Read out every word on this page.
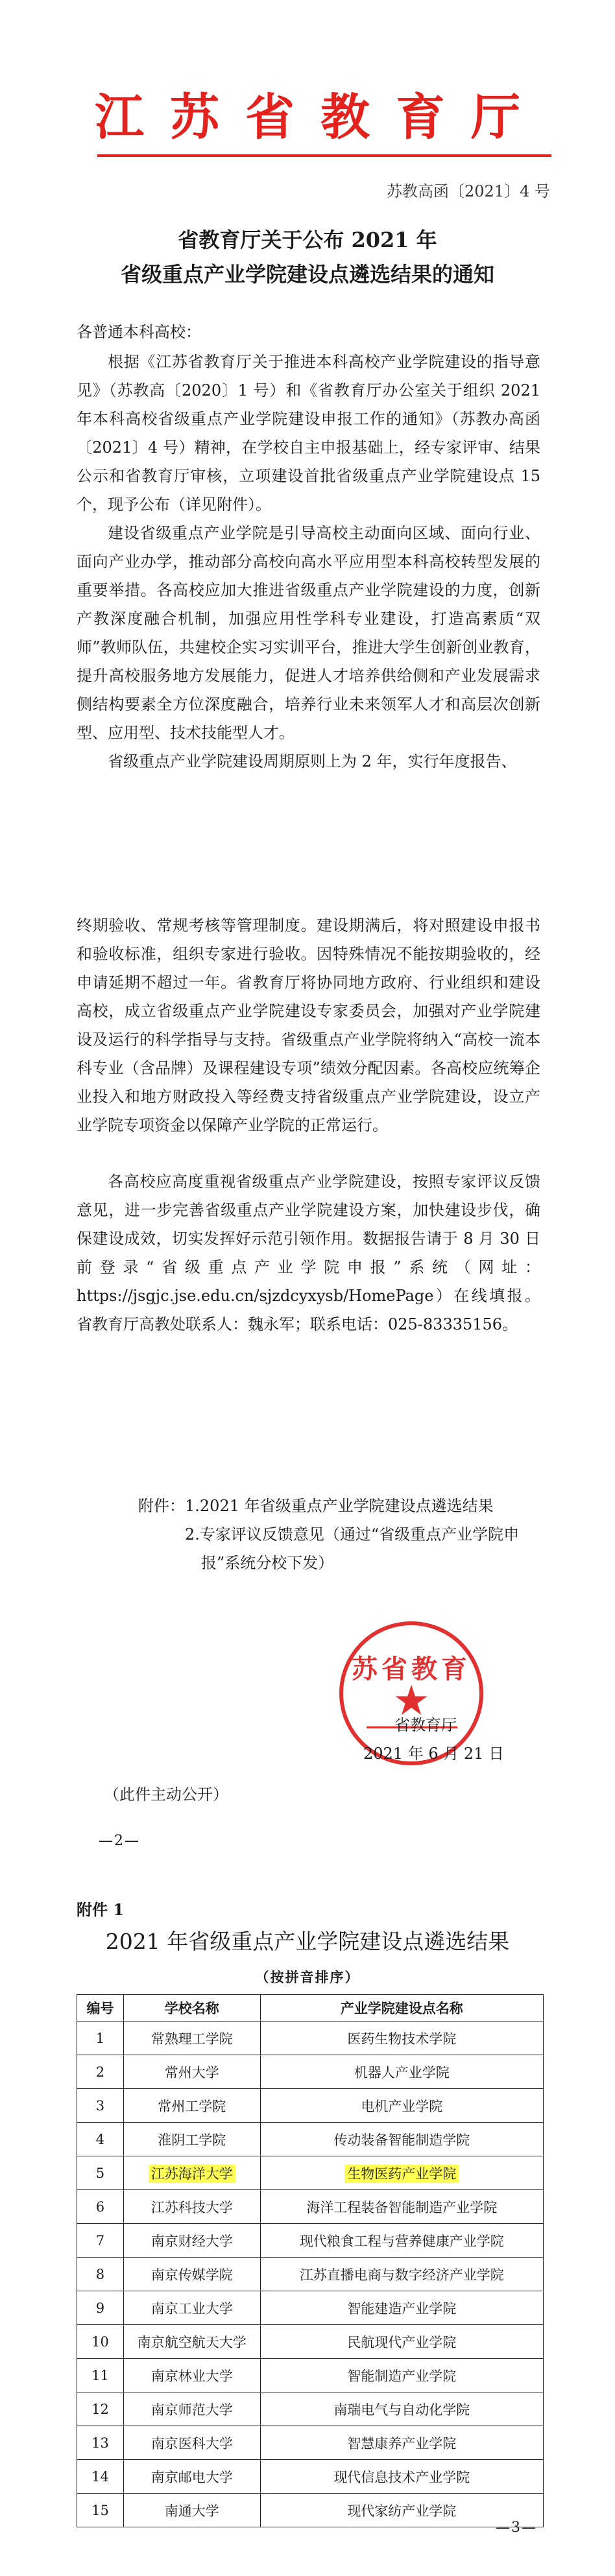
江苏省教育厅
苏教高函〔2021〕4 号
省教育厅关于公布 2021 年
省级重点产业学院建设点遴选结果的通知
各普通本科高校：
根据《江苏省教育厅关于推进本科高校产业学院建设的指导意见》（苏教高〔2020〕1 号）和《省教育厅办公室关于组织 2021 年本科高校省级重点产业学院建设申报工作的通知》（苏教办高函〔2021〕4 号）精神，在学校自主申报基础上，经专家评审、结果公示和省教育厅审核，立项建设首批省级重点产业学院建设点 15 个，现予公布（详见附件）。
建设省级重点产业学院是引导高校主动面向区域、面向行业、面向产业办学，推动部分高校向高水平应用型本科高校转型发展的重要举措。各高校应加大推进省级重点产业学院建设的力度，创新产教深度融合机制，加强应用性学科专业建设，打造高素质“双师”教师队伍，共建校企实习实训平台，推进大学生创新创业教育，提升高校服务地方发展能力，促进人才培养供给侧和产业发展需求侧结构要素全方位深度融合，培养行业未来领军人才和高层次创新型、应用型、技术技能型人才。
省级重点产业学院建设周期原则上为 2 年，实行年度报告、
终期验收、常规考核等管理制度。建设期满后，将对照建设申报书和验收标准，组织专家进行验收。因特殊情况不能按期验收的，经申请延期不超过一年。省教育厅将协同地方政府、行业组织和建设高校，成立省级重点产业学院建设专家委员会，加强对产业学院建设及运行的科学指导与支持。省级重点产业学院将纳入“高校一流本科专业（含品牌）及课程建设专项”绩效分配因素。各高校应统筹企业投入和地方财政投入等经费支持省级重点产业学院建设，设立产业学院专项资金以保障产业学院的正常运行。
各高校应高度重视省级重点产业学院建设，按照专家评议反馈意见，进一步完善省级重点产业学院建设方案，加快建设步伐，确保建设成效，切实发挥好示范引领作用。数据报告请于 8 月 30 日前登录“省级重点产业学院申报”系统（网址：https://jsgjc.jse.edu.cn/sjzdcyxysb/HomePage）在线填报。省教育厅高教处联系人：魏永军；联系电话：025-83335156。
附件： 1.2021 年省级重点产业学院建设点遴选结果
2.专家评议反馈意见（通过“省级重点产业学院申
报”系统分校下发）
苏省教育
★
省教育厅
2021 年 6 月 21 日
（此件主动公开）
—2—
附件 1
2021 年省级重点产业学院建设点遴选结果
（按拼音排序）
编号	学校名称	产业学院建设点名称
1	常熟理工学院	医药生物技术学院
2	常州大学	机器人产业学院
3	常州工学院	电机产业学院
4	淮阴工学院	传动装备智能制造学院
5	江苏海洋大学	生物医药产业学院
6	江苏科技大学	海洋工程装备智能制造产业学院
7	南京财经大学	现代粮食工程与营养健康产业学院
8	南京传媒学院	江苏直播电商与数字经济产业学院
9	南京工业大学	智能建造产业学院
10	南京航空航天大学	民航现代产业学院
11	南京林业大学	智能制造产业学院
12	南京师范大学	南瑞电气与自动化学院
13	南京医科大学	智慧康养产业学院
14	南京邮电大学	现代信息技术产业学院
15	南通大学	现代家纺产业学院
—3—
